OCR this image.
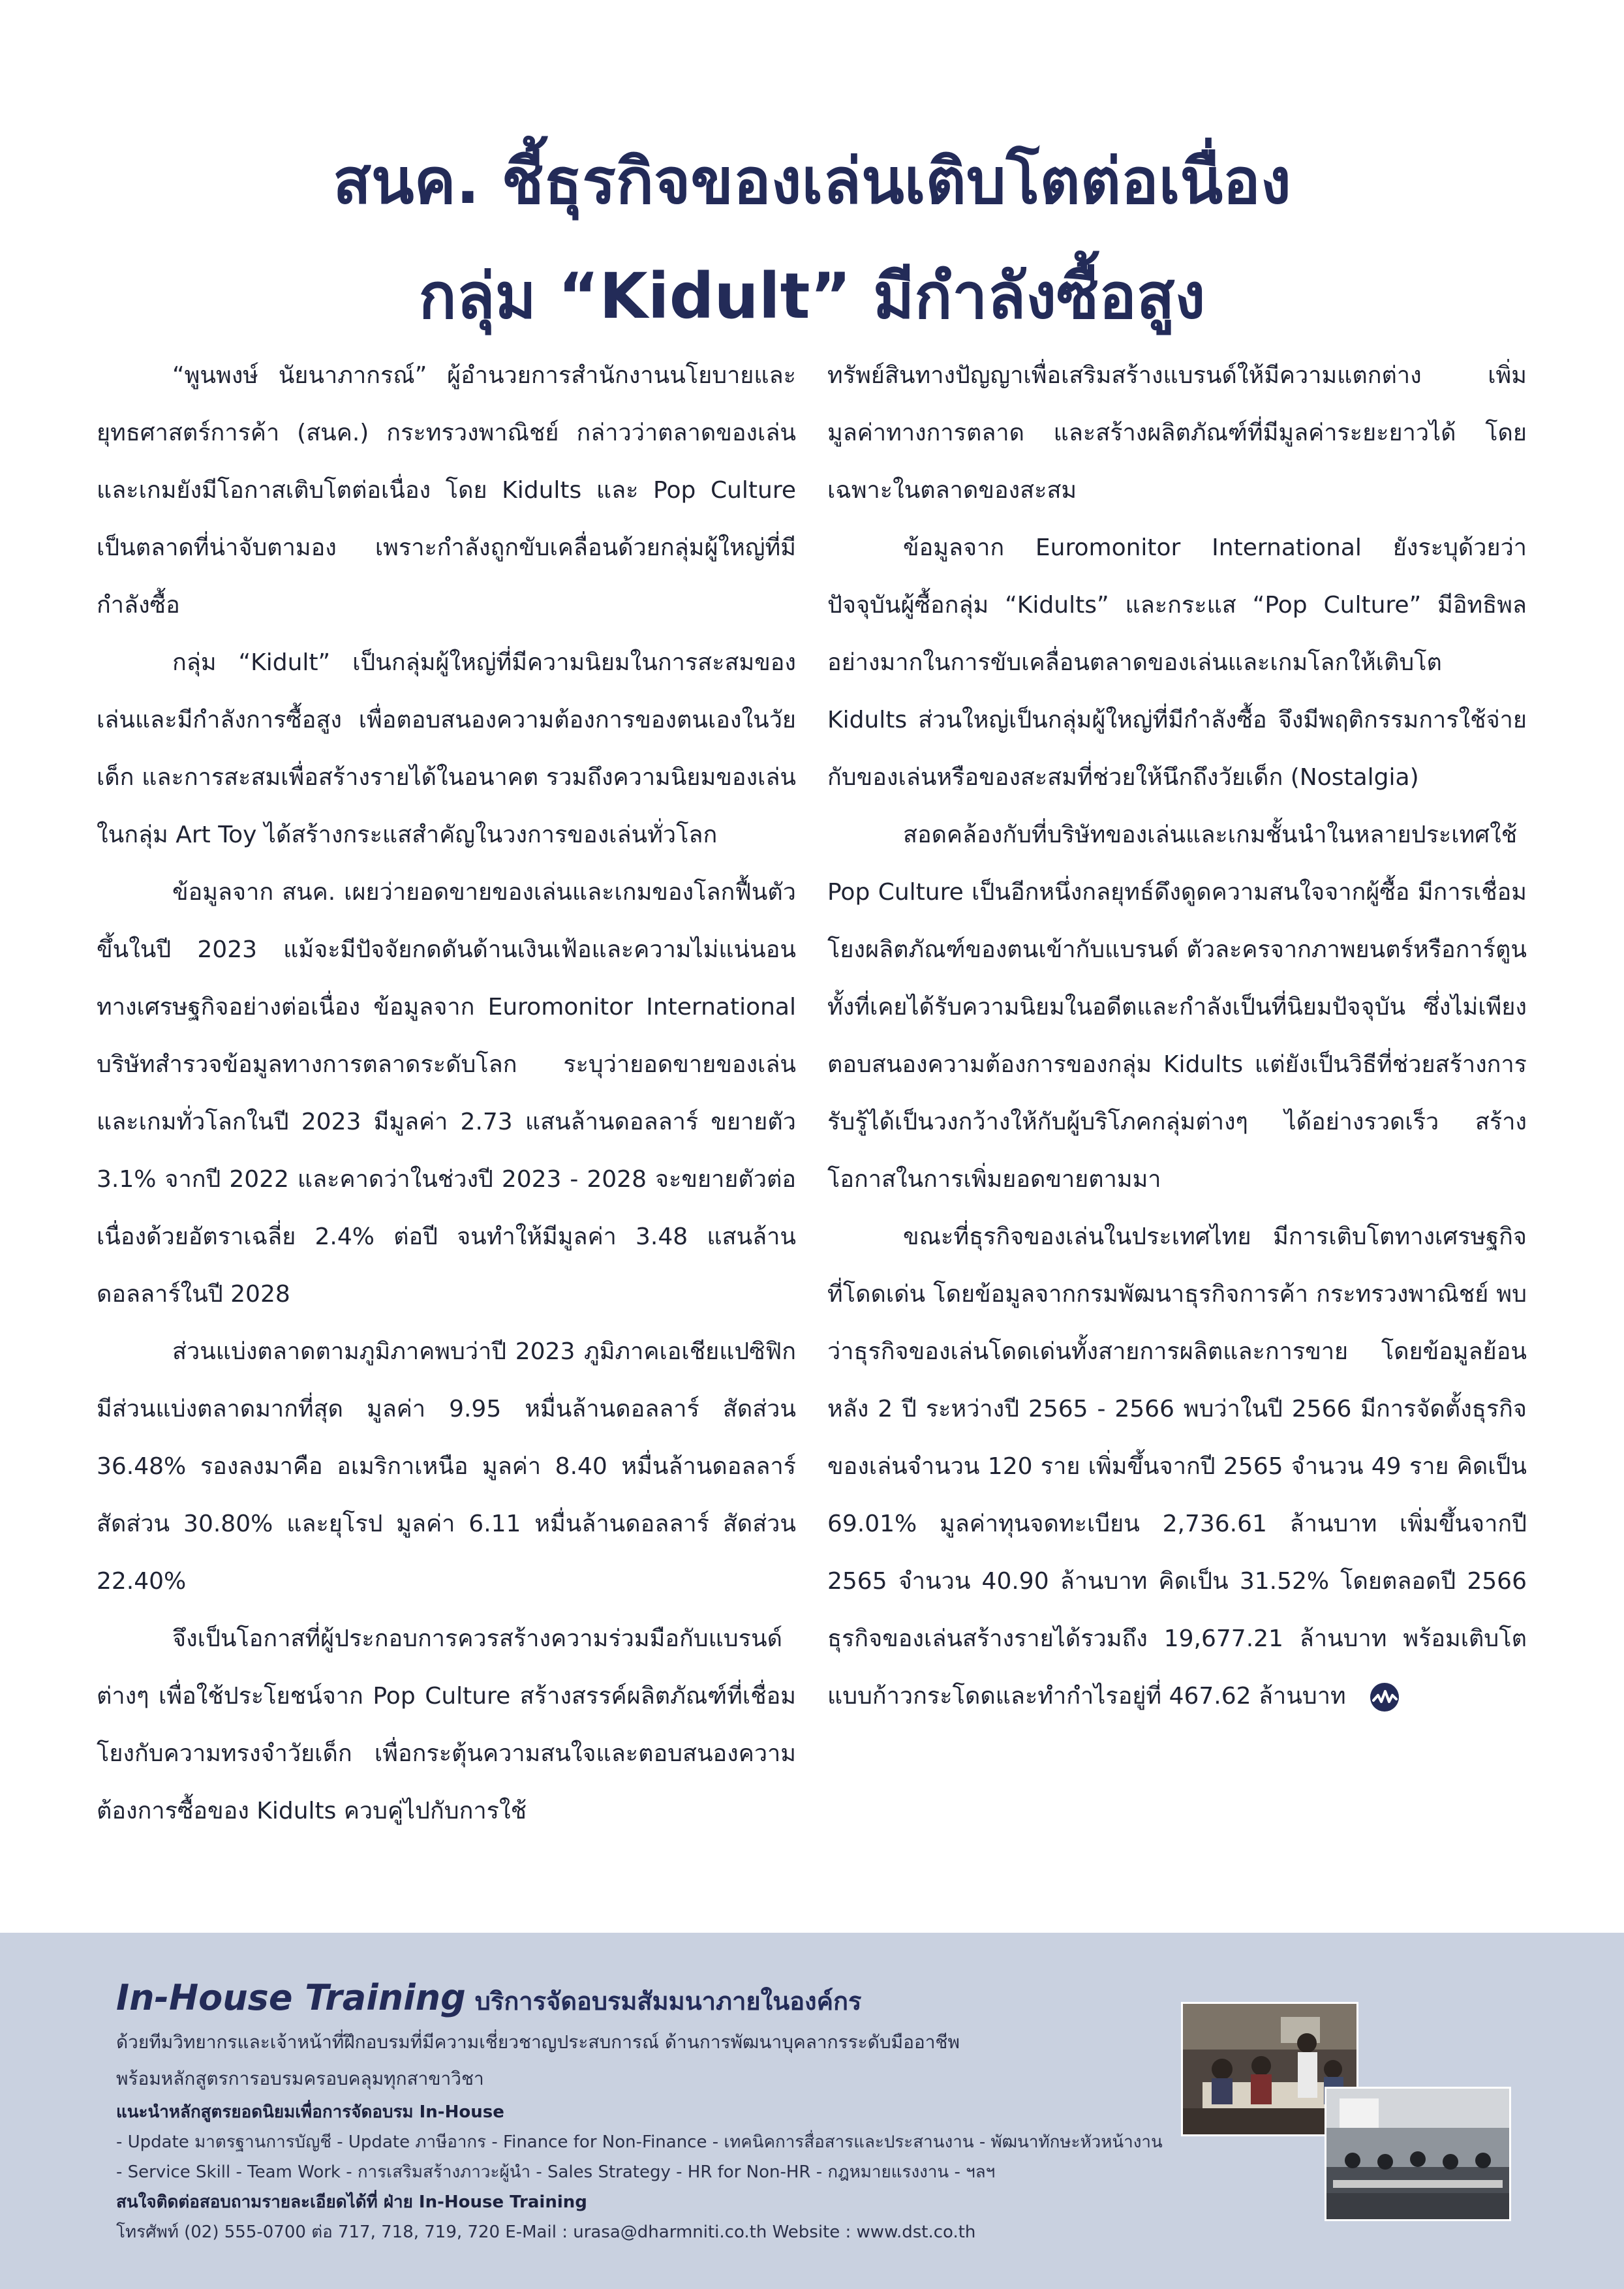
สนค. ชี้ธุรกิจของเล่นเติบโตต่อเนื่อง
กลุ่ม “Kidult” มีกำลังซื้อสูง

“พูนพงษ์ นัยนาภากรณ์” ผู้อำนวยการสำนักงานนโยบายและยุทธศาสตร์การค้า (สนค.) กระทรวงพาณิชย์ กล่าวว่าตลาดของเล่นและเกมยังมีโอกาสเติบโตต่อเนื่อง โดย Kidults และ Pop Culture เป็นตลาดที่น่าจับตามอง เพราะกำลังถูกขับเคลื่อนด้วยกลุ่มผู้ใหญ่ที่มีกำลังซื้อ

กลุ่ม “Kidult” เป็นกลุ่มผู้ใหญ่ที่มีความนิยมในการสะสมของเล่นและมีกำลังการซื้อสูง เพื่อตอบสนองความต้องการของตนเองในวัยเด็ก และการสะสมเพื่อสร้างรายได้ในอนาคต รวมถึงความนิยมของเล่นในกลุ่ม Art Toy ได้สร้างกระแสสำคัญในวงการของเล่นทั่วโลก

ข้อมูลจาก สนค. เผยว่ายอดขายของเล่นและเกมของโลกฟื้นตัวขึ้นในปี 2023 แม้จะมีปัจจัยกดดันด้านเงินเฟ้อและความไม่แน่นอนทางเศรษฐกิจอย่างต่อเนื่อง ข้อมูลจาก Euromonitor International บริษัทสำรวจข้อมูลทางการตลาดระดับโลก ระบุว่ายอดขายของเล่นและเกมทั่วโลกในปี 2023 มีมูลค่า 2.73 แสนล้านดอลลาร์ ขยายตัว 3.1% จากปี 2022 และคาดว่าในช่วงปี 2023 - 2028 จะขยายตัวต่อเนื่องด้วยอัตราเฉลี่ย 2.4% ต่อปี จนทำให้มีมูลค่า 3.48 แสนล้านดอลลาร์ในปี 2028

ส่วนแบ่งตลาดตามภูมิภาคพบว่าปี 2023 ภูมิภาคเอเชียแปซิฟิกมีส่วนแบ่งตลาดมากที่สุด มูลค่า 9.95 หมื่นล้านดอลลาร์ สัดส่วน 36.48% รองลงมาคือ อเมริกาเหนือ มูลค่า 8.40 หมื่นล้านดอลลาร์ สัดส่วน 30.80% และยุโรป มูลค่า 6.11 หมื่นล้านดอลลาร์ สัดส่วน 22.40%

จึงเป็นโอกาสที่ผู้ประกอบการควรสร้างความร่วมมือกับแบรนด์ต่างๆ เพื่อใช้ประโยชน์จาก Pop Culture สร้างสรรค์ผลิตภัณฑ์ที่เชื่อมโยงกับความทรงจำวัยเด็ก เพื่อกระตุ้นความสนใจและตอบสนองความต้องการซื้อของ Kidults ควบคู่ไปกับการใช้

ทรัพย์สินทางปัญญาเพื่อเสริมสร้างแบรนด์ให้มีความแตกต่าง เพิ่มมูลค่าทางการตลาด และสร้างผลิตภัณฑ์ที่มีมูลค่าระยะยาวได้ โดยเฉพาะในตลาดของสะสม

ข้อมูลจาก Euromonitor International ยังระบุด้วยว่าปัจจุบันผู้ซื้อกลุ่ม “Kidults” และกระแส “Pop Culture” มีอิทธิพลอย่างมากในการขับเคลื่อนตลาดของเล่นและเกมโลกให้เติบโต Kidults ส่วนใหญ่เป็นกลุ่มผู้ใหญ่ที่มีกำลังซื้อ จึงมีพฤติกรรมการใช้จ่ายกับของเล่นหรือของสะสมที่ช่วยให้นึกถึงวัยเด็ก (Nostalgia)

สอดคล้องกับที่บริษัทของเล่นและเกมชั้นนำในหลายประเทศใช้ Pop Culture เป็นอีกหนึ่งกลยุทธ์ดึงดูดความสนใจจากผู้ซื้อ มีการเชื่อมโยงผลิตภัณฑ์ของตนเข้ากับแบรนด์ ตัวละครจากภาพยนตร์หรือการ์ตูน ทั้งที่เคยได้รับความนิยมในอดีตและกำลังเป็นที่นิยมปัจจุบัน ซึ่งไม่เพียงตอบสนองความต้องการของกลุ่ม Kidults แต่ยังเป็นวิธีที่ช่วยสร้างการรับรู้ได้เป็นวงกว้างให้กับผู้บริโภคกลุ่มต่างๆ ได้อย่างรวดเร็ว สร้างโอกาสในการเพิ่มยอดขายตามมา

ขณะที่ธุรกิจของเล่นในประเทศไทย มีการเติบโตทางเศรษฐกิจที่โดดเด่น โดยข้อมูลจากกรมพัฒนาธุรกิจการค้า กระทรวงพาณิชย์ พบว่าธุรกิจของเล่นโดดเด่นทั้งสายการผลิตและการขาย โดยข้อมูลย้อนหลัง 2 ปี ระหว่างปี 2565 - 2566 พบว่าในปี 2566 มีการจัดตั้งธุรกิจของเล่นจำนวน 120 ราย เพิ่มขึ้นจากปี 2565 จำนวน 49 ราย คิดเป็น 69.01% มูลค่าทุนจดทะเบียน 2,736.61 ล้านบาท เพิ่มขึ้นจากปี 2565 จำนวน 40.90 ล้านบาท คิดเป็น 31.52% โดยตลอดปี 2566 ธุรกิจของเล่นสร้างรายได้รวมถึง 19,677.21 ล้านบาท พร้อมเติบโตแบบก้าวกระโดดและทำกำไรอยู่ที่ 467.62 ล้านบาท

In-House Training บริการจัดอบรมสัมมนาภายในองค์กร
ด้วยทีมวิทยากรและเจ้าหน้าที่ฝึกอบรมที่มีความเชี่ยวชาญประสบการณ์ ด้านการพัฒนาบุคลากรระดับมืออาชีพ
พร้อมหลักสูตรการอบรมครอบคลุมทุกสาขาวิชา
แนะนำหลักสูตรยอดนิยมเพื่อการจัดอบรม In-House
- Update มาตรฐานการบัญชี - Update ภาษีอากร - Finance for Non-Finance - เทคนิคการสื่อสารและประสานงาน - พัฒนาทักษะหัวหน้างาน
- Service Skill - Team Work - การเสริมสร้างภาวะผู้นำ - Sales Strategy - HR for Non-HR - กฎหมายแรงงาน - ฯลฯ
สนใจติดต่อสอบถามรายละเอียดได้ที่ ฝ่าย In-House Training
โทรศัพท์ (02) 555-0700 ต่อ 717, 718, 719, 720 E-Mail : urasa@dharmniti.co.th Website : www.dst.co.th
